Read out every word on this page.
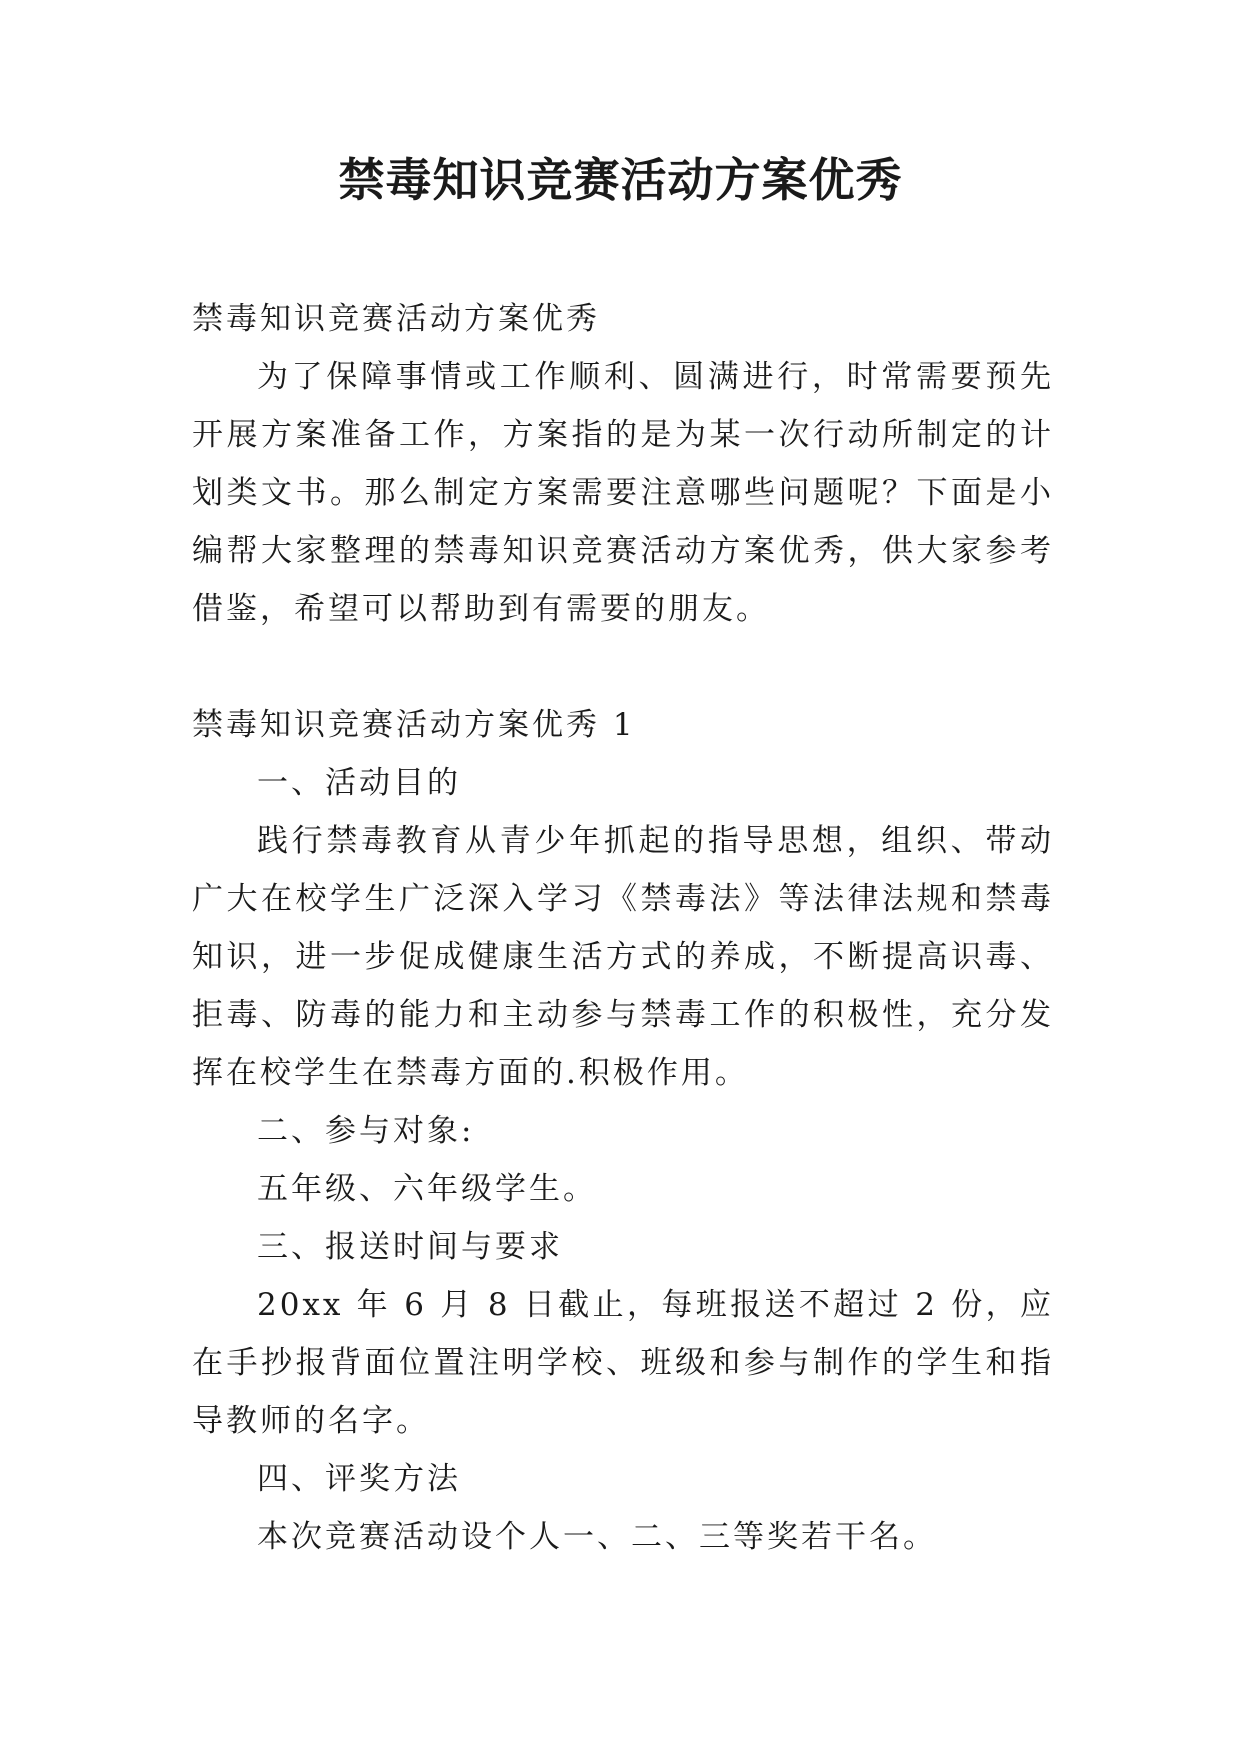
禁毒知识竞赛活动方案优秀

禁毒知识竞赛活动方案优秀

为了保障事情或工作顺利、圆满进行，时常需要预先开展方案准备工作，方案指的是为某一次行动所制定的计划类文书。那么制定方案需要注意哪些问题呢？下面是小编帮大家整理的禁毒知识竞赛活动方案优秀，供大家参考借鉴，希望可以帮助到有需要的朋友。

禁毒知识竞赛活动方案优秀 1

一、活动目的

践行禁毒教育从青少年抓起的指导思想，组织、带动广大在校学生广泛深入学习《禁毒法》等法律法规和禁毒知识，进一步促成健康生活方式的养成，不断提高识毒、拒毒、防毒的能力和主动参与禁毒工作的积极性，充分发挥在校学生在禁毒方面的.积极作用。

二、参与对象:

五年级、六年级学生。

三、报送时间与要求

20xx 年 6 月 8 日截止，每班报送不超过 2 份，应在手抄报背面位置注明学校、班级和参与制作的学生和指导教师的名字。

四、评奖方法

本次竞赛活动设个人一、二、三等奖若干名。
